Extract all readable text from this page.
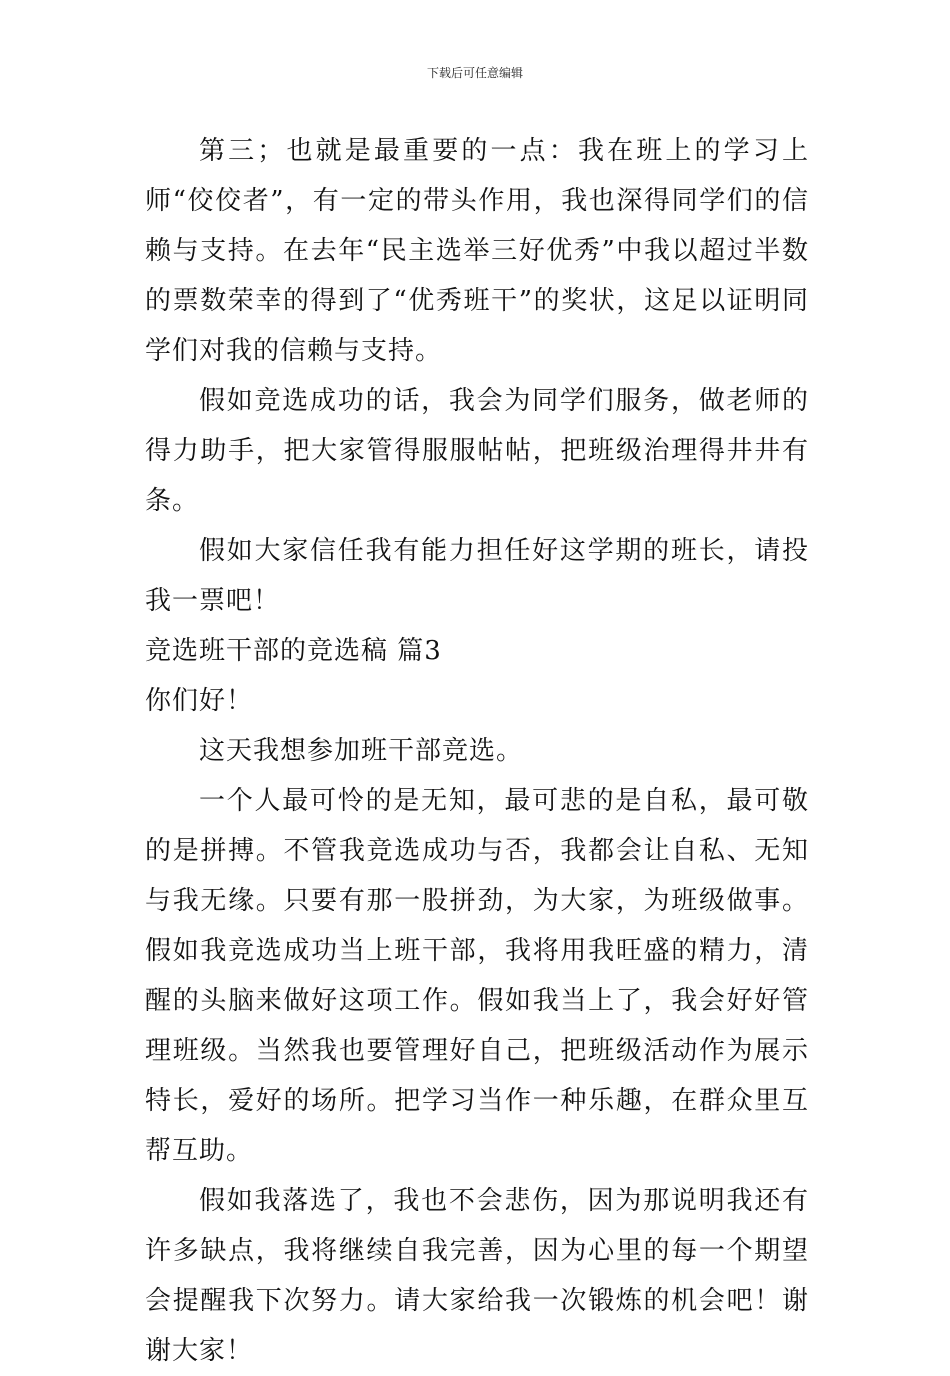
下载后可任意编辑

第三；也就是最重要的一点：我在班上的学习上师“佼佼者”，有一定的带头作用，我也深得同学们的信赖与支持。在去年“民主选举三好优秀”中我以超过半数的票数荣幸的得到了“优秀班干”的奖状，这足以证明同学们对我的信赖与支持。

假如竞选成功的话，我会为同学们服务，做老师的得力助手，把大家管得服服帖帖，把班级治理得井井有条。

假如大家信任我有能力担任好这学期的班长，请投我一票吧！

竞选班干部的竞选稿 篇3

你们好！

这天我想参加班干部竞选。

一个人最可怜的是无知，最可悲的是自私，最可敬的是拼搏。不管我竞选成功与否，我都会让自私、无知与我无缘。只要有那一股拼劲，为大家，为班级做事。假如我竞选成功当上班干部，我将用我旺盛的精力，清醒的头脑来做好这项工作。假如我当上了，我会好好管理班级。当然我也要管理好自己，把班级活动作为展示特长，爱好的场所。把学习当作一种乐趣，在群众里互帮互助。

假如我落选了，我也不会悲伤，因为那说明我还有许多缺点，我将继续自我完善，因为心里的每一个期望会提醒我下次努力。请大家给我一次锻炼的机会吧！谢谢大家！
